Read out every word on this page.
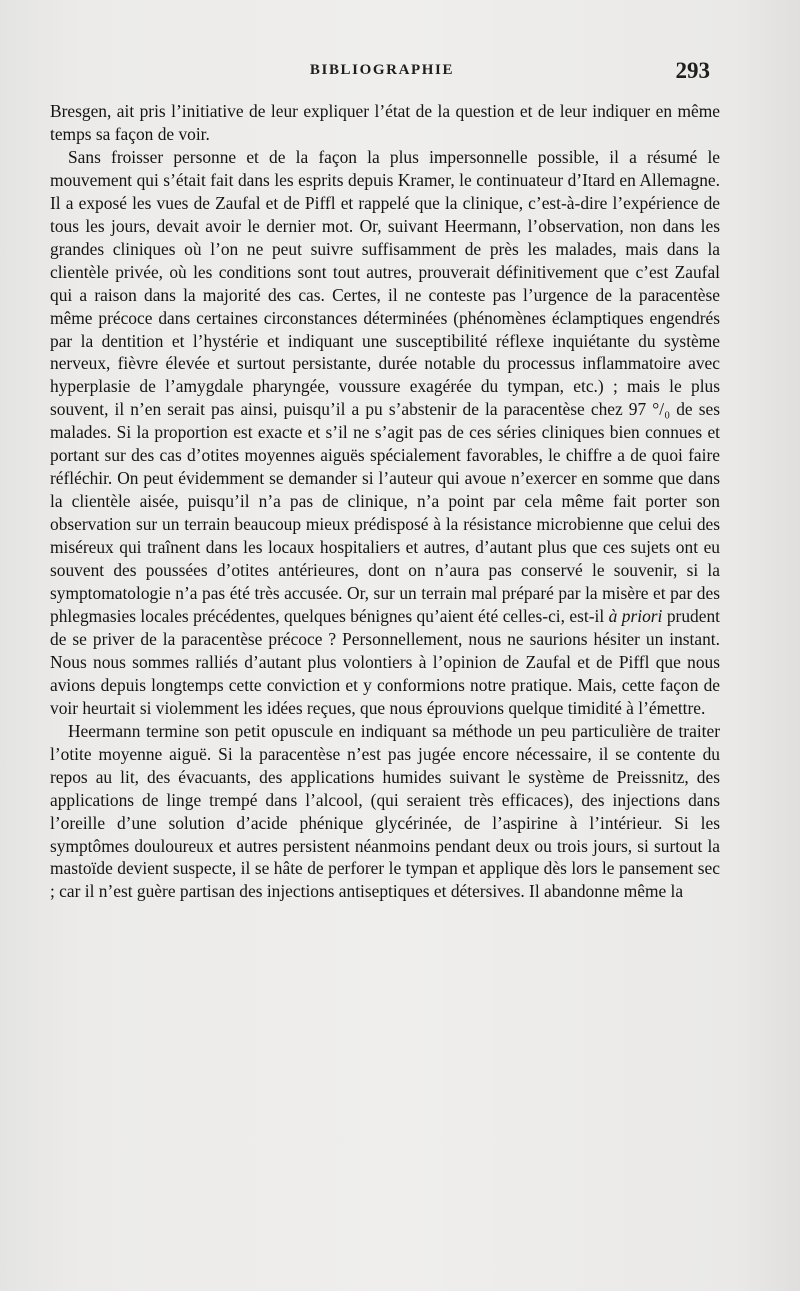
BIBLIOGRAPHIE	293

Bresgen, ait pris l’initiative de leur expliquer l’état de la question et de leur indiquer en même temps sa façon de voir.

Sans froisser personne et de la façon la plus impersonnelle possible, il a résumé le mouvement qui s’était fait dans les esprits depuis Kramer, le continuateur d’Itard en Allemagne. Il a exposé les vues de Zaufal et de Piffl et rappelé que la clinique, c’est-à-dire l’expérience de tous les jours, devait avoir le dernier mot. Or, suivant Heermann, l’observation, non dans les grandes cliniques où l’on ne peut suivre suffisamment de près les malades, mais dans la clientèle privée, où les conditions sont tout autres, prouverait définitivement que c’est Zaufal qui a raison dans la majorité des cas. Certes, il ne conteste pas l’urgence de la paracentèse même précoce dans certaines circonstances déterminées (phénomènes éclamptiques engendrés par la dentition et l’hystérie et indiquant une susceptibilité réflexe inquiétante du système nerveux, fièvre élevée et surtout persistante, durée notable du processus inflammatoire avec hyperplasie de l’amygdale pharyngée, voussure exagérée du tympan, etc.) ; mais le plus souvent, il n’en serait pas ainsi, puisqu’il a pu s’abstenir de la paracentèse chez 97 °/₀ de ses malades. Si la proportion est exacte et s’il ne s’agit pas de ces séries cliniques bien connues et portant sur des cas d’otites moyennes aiguës spécialement favorables, le chiffre a de quoi faire réfléchir. On peut évidemment se demander si l’auteur qui avoue n’exercer en somme que dans la clientèle aisée, puisqu’il n’a pas de clinique, n’a point par cela même fait porter son observation sur un terrain beaucoup mieux prédisposé à la résistance microbienne que celui des miséreux qui traînent dans les locaux hospitaliers et autres, d’autant plus que ces sujets ont eu souvent des poussées d’otites antérieures, dont on n’aura pas conservé le souvenir, si la symptomatologie n’a pas été très accusée. Or, sur un terrain mal préparé par la misère et par des phlegmasies locales précédentes, quelques bénignes qu’aient été celles-ci, est-il à priori prudent de se priver de la paracentèse précoce ? Personnellement, nous ne saurions hésiter un instant. Nous nous sommes ralliés d’autant plus volontiers à l’opinion de Zaufal et de Piffl que nous avions depuis longtemps cette conviction et y conformions notre pratique. Mais, cette façon de voir heurtait si violemment les idées reçues, que nous éprouvions quelque timidité à l’émettre.

Heermann termine son petit opuscule en indiquant sa méthode un peu particulière de traiter l’otite moyenne aiguë. Si la paracentèse n’est pas jugée encore nécessaire, il se contente du repos au lit, des évacuants, des applications humides suivant le système de Preissnitz, des applications de linge trempé dans l’alcool, (qui seraient très efficaces), des injections dans l’oreille d’une solution d’acide phénique glycérinée, de l’aspirine à l’intérieur. Si les symptômes douloureux et autres persistent néanmoins pendant deux ou trois jours, si surtout la mastoïde devient suspecte, il se hâte de perforer le tympan et applique dès lors le pansement sec ; car il n’est guère partisan des injections antiseptiques et détersives. Il abandonne même la
